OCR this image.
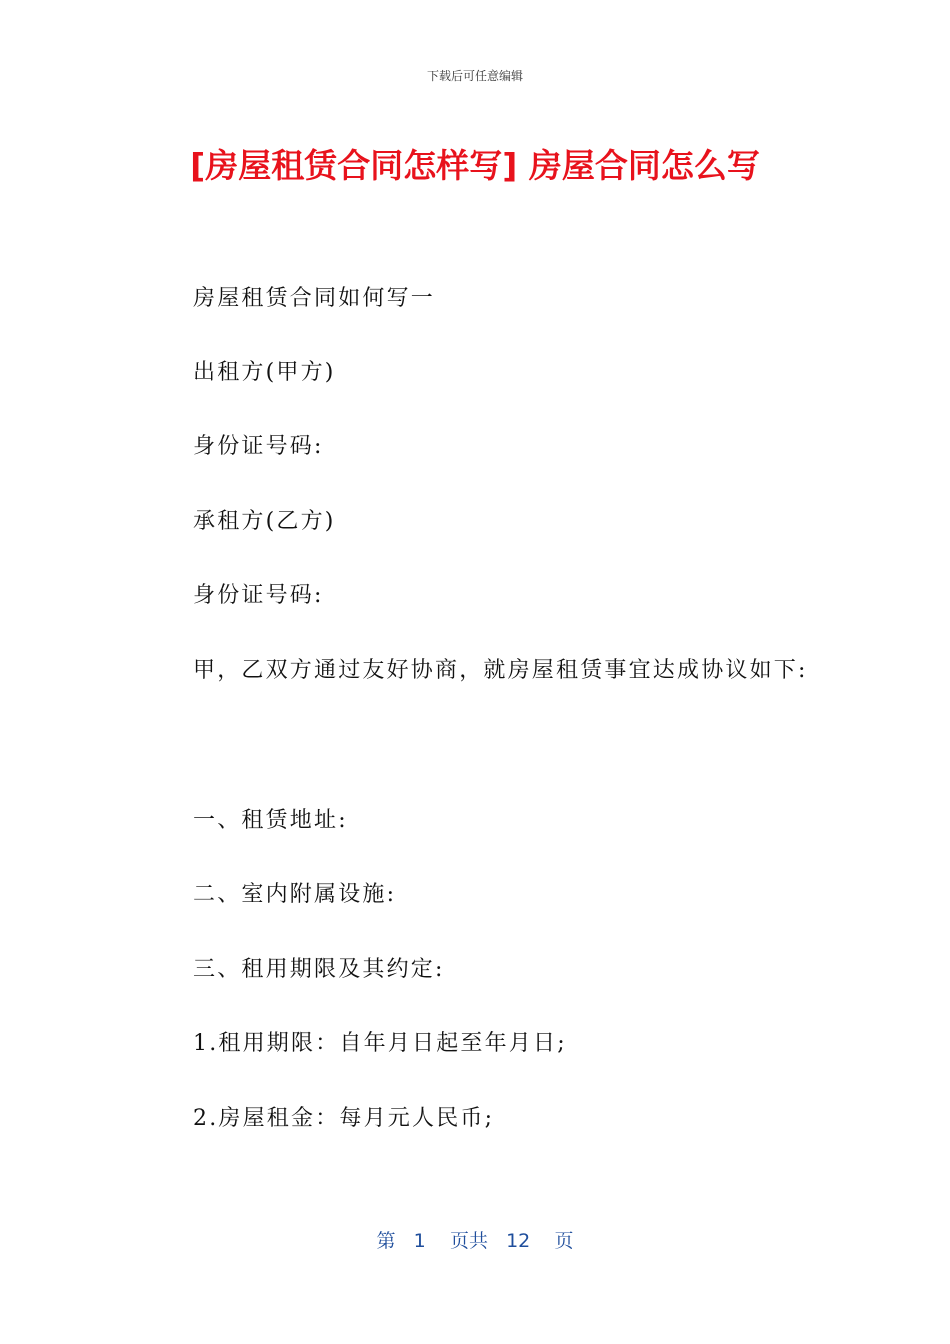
下载后可任意编辑
[房屋租赁合同怎样写] 房屋合同怎么写

房屋租赁合同如何写一

出租方(甲方)

身份证号码:

承租方(乙方)

身份证号码:

甲，乙双方通过友好协商，就房屋租赁事宜达成协议如下:

一、租赁地址:

二、室内附属设施:

三、租用期限及其约定:

1.租用期限：自年月日起至年月日;

2.房屋租金：每月元人民币;

第 1 页共 12 页
